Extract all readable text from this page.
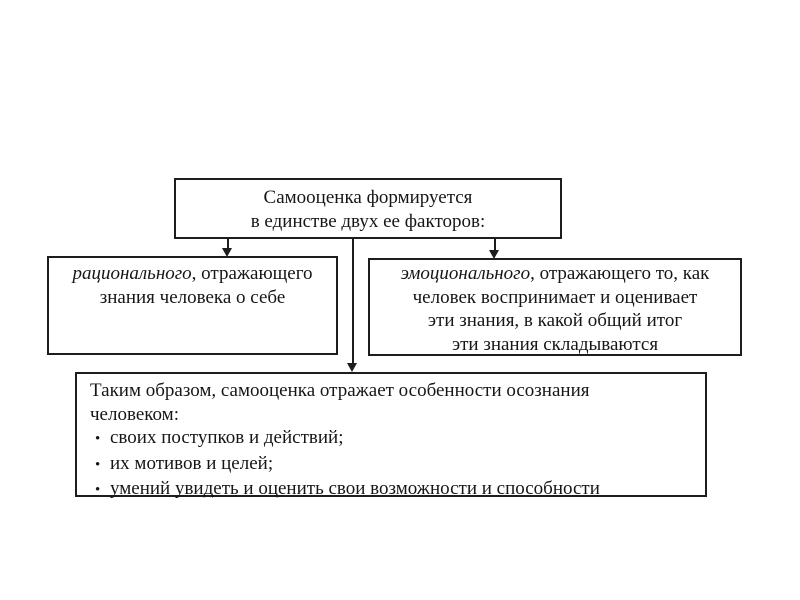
Самооценка формируется
в единстве двух ее факторов:
рационального, отражающего
знания человека о себе
эмоционального, отражающего то, как
человек воспринимает и оценивает
эти знания, в какой общий итог
эти знания складываются
Таким образом, самооценка отражает особенности осознания
человеком:
• своих поступков и действий;
• их мотивов и целей;
• умений увидеть и оценить свои возможности и способности
